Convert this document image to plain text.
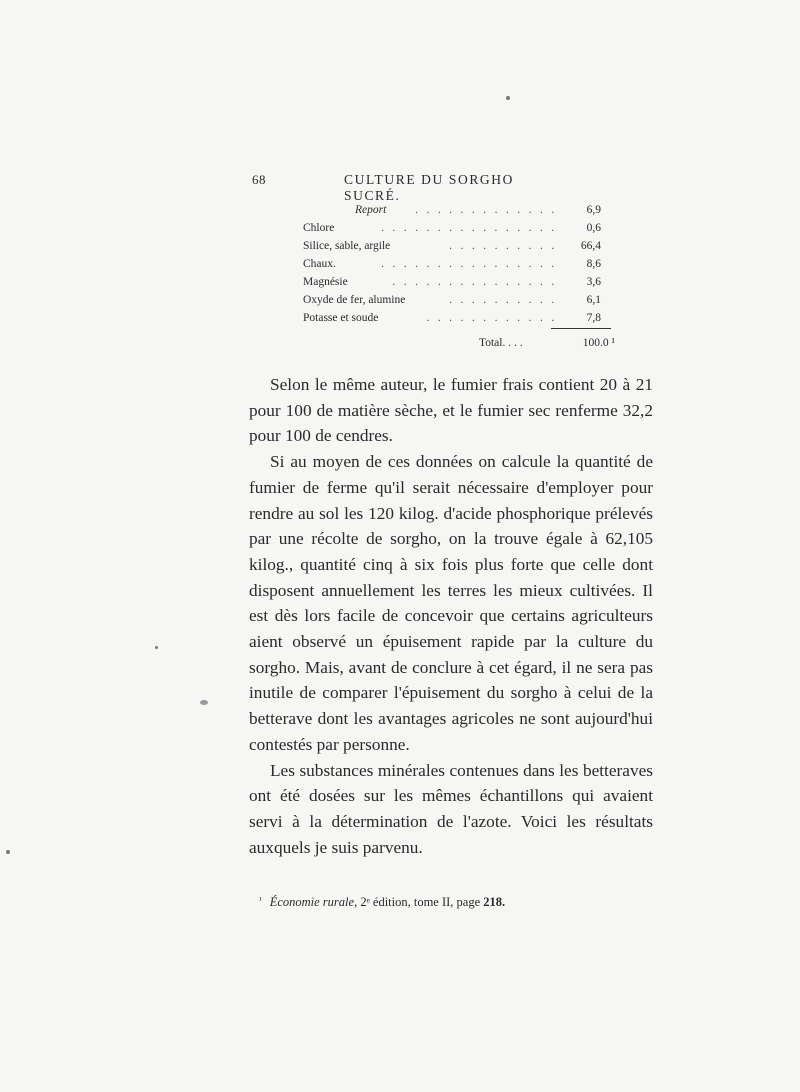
68	CULTURE DU SORGHO SUCRÉ.
Report	. . . . . . . . . . . . .	6,9
Chlore	. . . . . . . . . . . . . . . .	0,6
Silice, sable, argile	. . . . . . . . . . 66,4
Chaux.	. . . . . . . . . . . . . . . .	8,6
Magnésie	. . . . . . . . . . . . . . .	3,6
Oxyde de fer, alumine	. . . . . . . . . .	6,1
Potasse et soude	. . . . . . . . . . . .	7,8
Total. . . .	100.0 ¹

Selon le même auteur, le fumier frais contient 20 à 21 pour 100 de matière sèche, et le fumier sec renferme 32,2 pour 100 de cendres.

Si au moyen de ces données on calcule la quantité de fumier de ferme qu'il serait nécessaire d'employer pour rendre au sol les 120 kilog. d'acide phosphorique prélevés par une récolte de sorgho, on la trouve égale à 62,105 kilog., quantité cinq à six fois plus forte que celle dont disposent annuellement les terres les mieux cultivées. Il est dès lors facile de concevoir que certains agriculteurs aient observé un épuisement rapide par la culture du sorgho. Mais, avant de conclure à cet égard, il ne sera pas inutile de comparer l'épuisement du sorgho à celui de la betterave dont les avantages agricoles ne sont aujourd'hui contestés par personne.

Les substances minérales contenues dans les betteraves ont été dosées sur les mêmes échantillons qui avaient servi à la détermination de l'azote. Voici les résultats auxquels je suis parvenu.

$^{^1}$ Économie rurale, 2ᵉ édition, tome II, page 218.
